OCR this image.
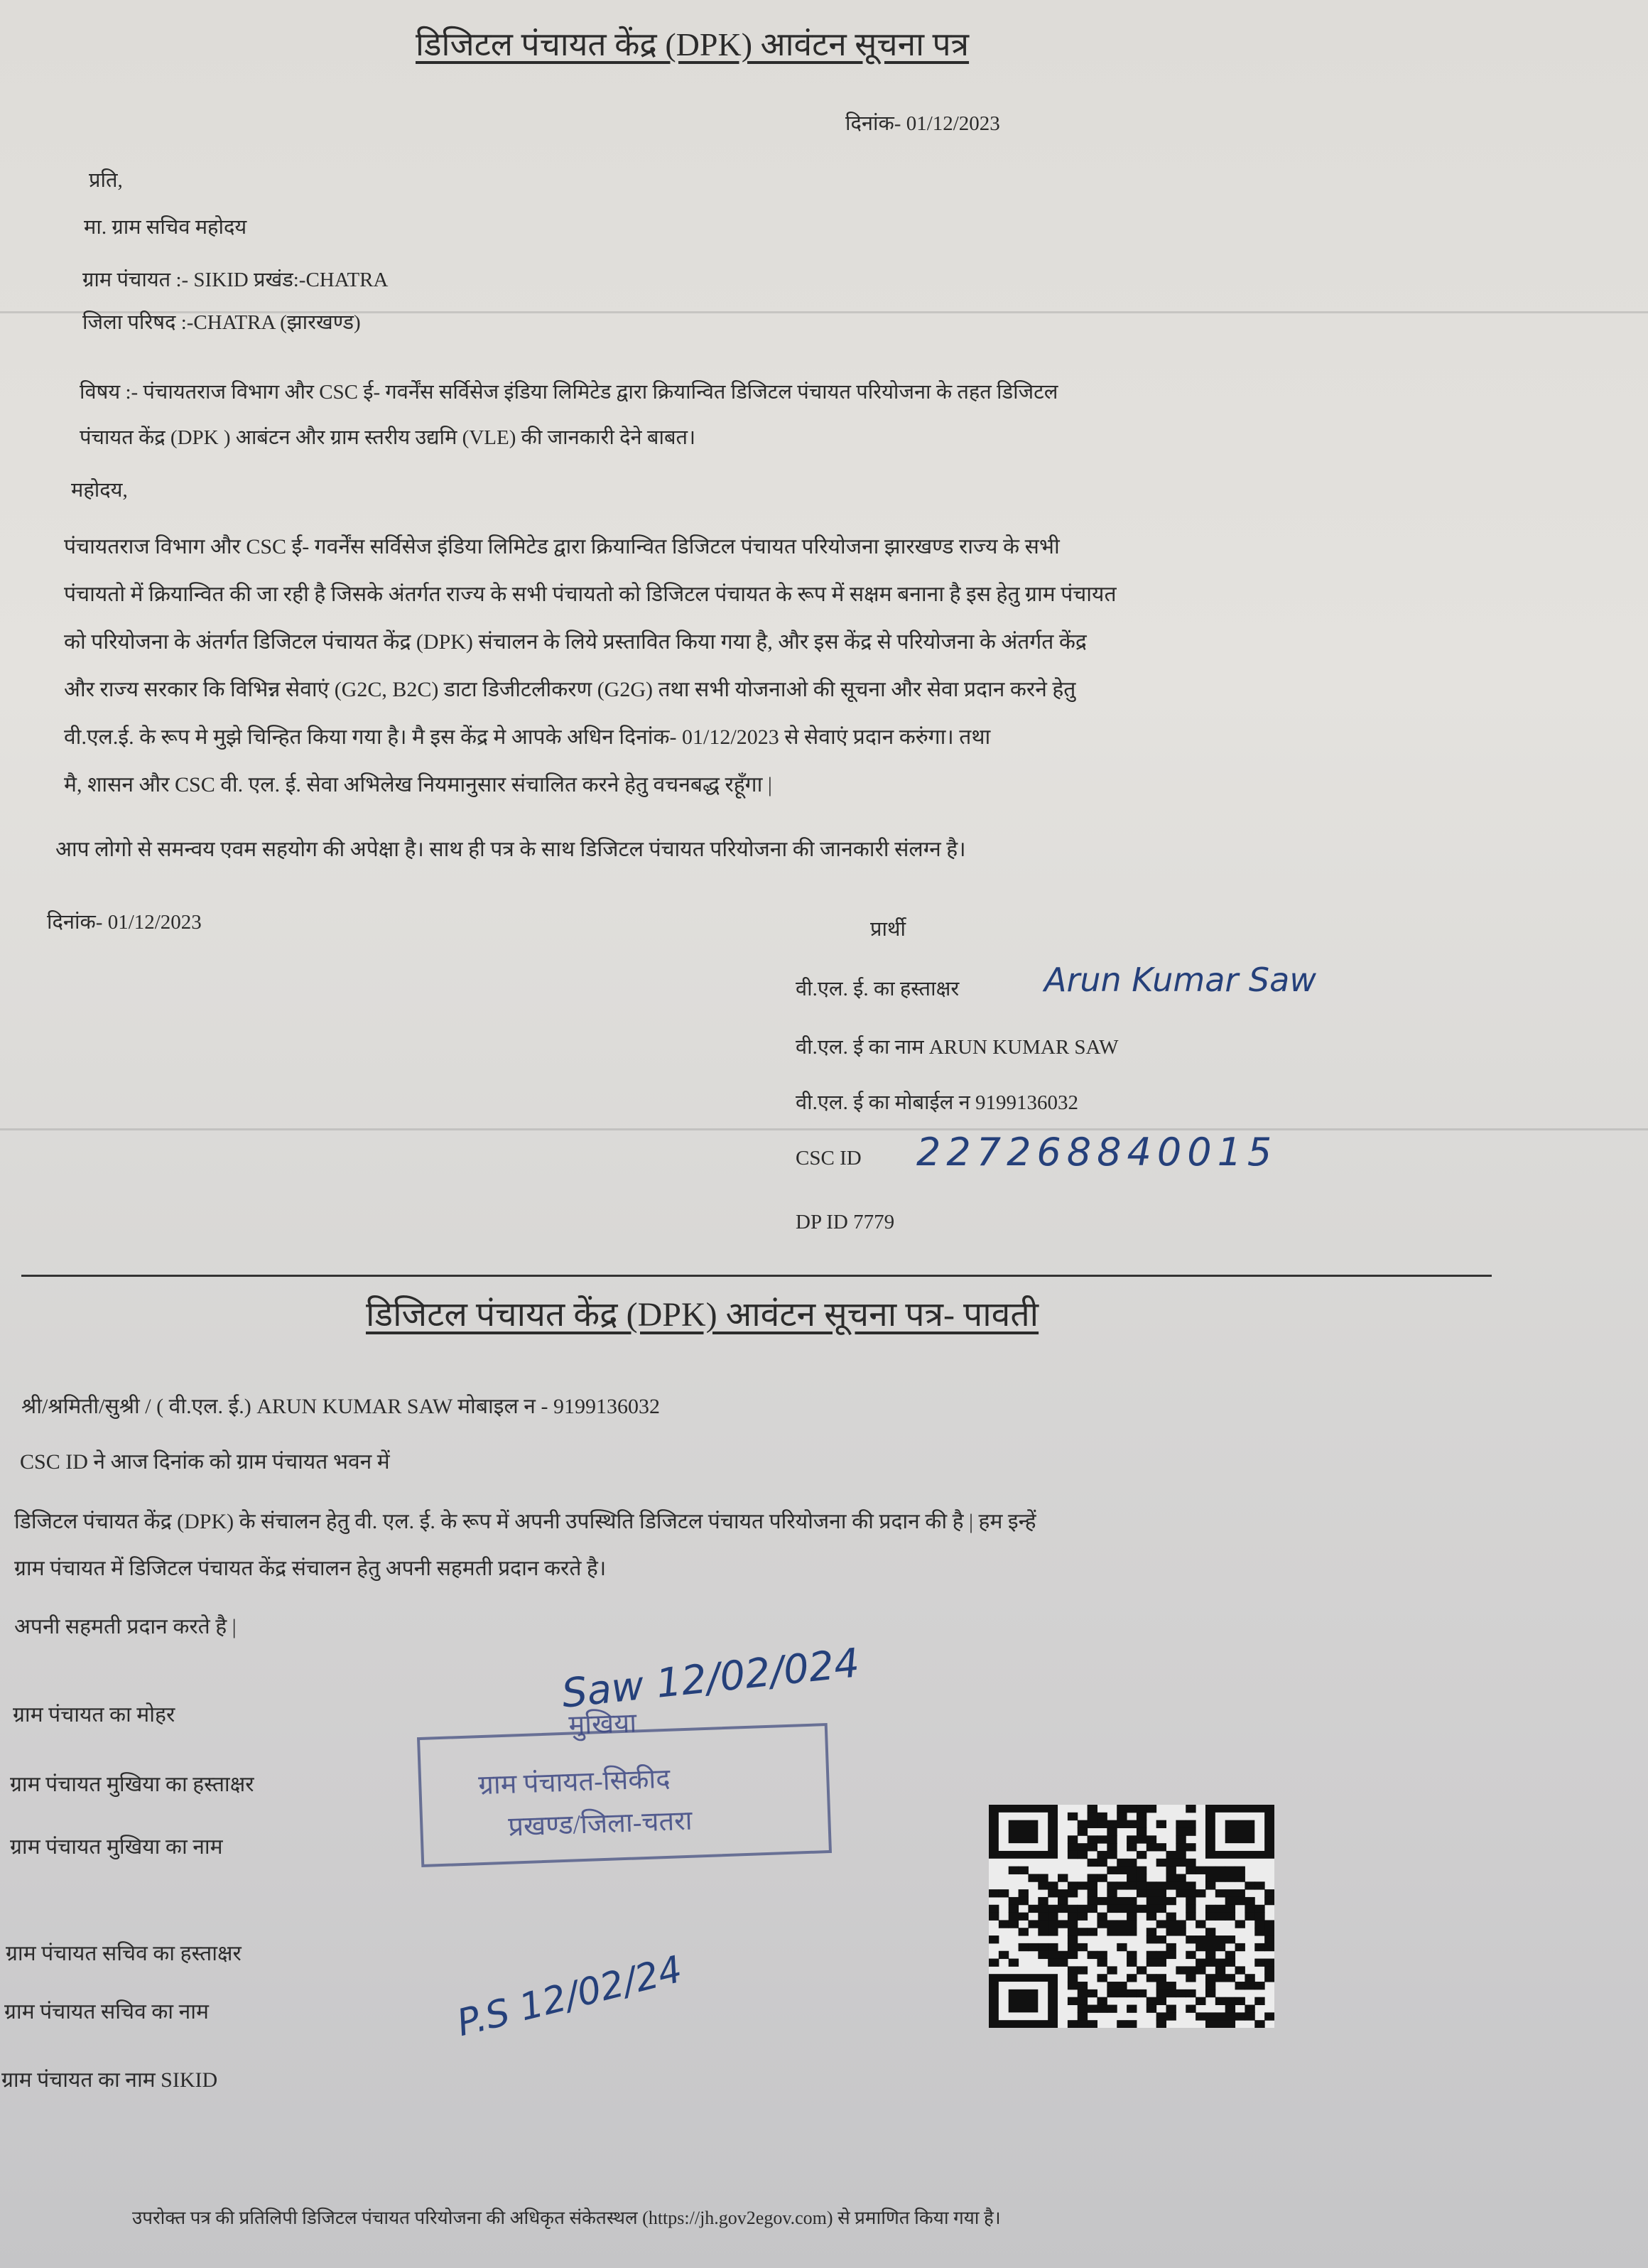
डिजिटल पंचायत केंद्र (DPK) आवंटन सूचना पत्र
दिनांक- 01/12/2023
प्रति,
मा. ग्राम सचिव महोदय
ग्राम पंचायत :- SIKID प्रखंड:-CHATRA
जिला परिषद :-CHATRA (झारखण्ड)
विषय :- पंचायतराज विभाग और CSC ई- गवर्नेंस सर्विसेज इंडिया लिमिटेड द्वारा क्रियान्वित डिजिटल पंचायत परियोजना के तहत डिजिटल
पंचायत केंद्र (DPK ) आबंटन और ग्राम स्तरीय उद्यमि (VLE) की जानकारी देने बाबत।
महोदय,
पंचायतराज विभाग और CSC ई- गवर्नेंस सर्विसेज इंडिया लिमिटेड द्वारा क्रियान्वित डिजिटल पंचायत परियोजना झारखण्ड राज्य के सभी
पंचायतो में क्रियान्वित की जा रही है जिसके अंतर्गत राज्य के सभी पंचायतो को डिजिटल पंचायत के रूप में सक्षम बनाना है इस हेतु ग्राम पंचायत
को परियोजना के अंतर्गत डिजिटल पंचायत केंद्र (DPK) संचालन के लिये प्रस्तावित किया गया है, और इस केंद्र से परियोजना के अंतर्गत केंद्र
और राज्य सरकार कि विभिन्न सेवाएं (G2C, B2C) डाटा डिजीटलीकरण (G2G) तथा सभी योजनाओ की सूचना और सेवा प्रदान करने हेतु
वी.एल.ई. के रूप मे मुझे चिन्हित किया गया है। मै इस केंद्र मे आपके अधिन दिनांक- 01/12/2023 से सेवाएं प्रदान करुंगा। तथा
मै, शासन और CSC वी. एल. ई. सेवा अभिलेख नियमानुसार संचालित करने हेतु वचनबद्ध रहूँगा |
आप लोगो से समन्वय एवम सहयोग की अपेक्षा है। साथ ही पत्र के साथ डिजिटल पंचायत परियोजना की जानकारी संलग्न है।
दिनांक- 01/12/2023	प्रार्थी
वी.एल. ई. का हस्ताक्षर	Arun Kumar Saw
वी.एल. ई का नाम ARUN KUMAR SAW
वी.एल. ई का मोबाईल न 9199136032
CSC ID 227268840015
DP ID 7779
डिजिटल पंचायत केंद्र (DPK) आवंटन सूचना पत्र- पावती
श्री/श्रमिती/सुश्री / ( वी.एल. ई.) ARUN KUMAR SAW मोबाइल न - 9199136032
CSC ID ने आज दिनांक को ग्राम पंचायत भवन में
डिजिटल पंचायत केंद्र (DPK) के संचालन हेतु वी. एल. ई. के रूप में अपनी उपस्थिति डिजिटल पंचायत परियोजना की प्रदान की है | हम इन्हें
ग्राम पंचायत में डिजिटल पंचायत केंद्र संचालन हेतु अपनी सहमती प्रदान करते है।
अपनी सहमती प्रदान करते है |
ग्राम पंचायत का मोहर
ग्राम पंचायत मुखिया का हस्ताक्षर
ग्राम पंचायत मुखिया का नाम
ग्राम पंचायत सचिव का हस्ताक्षर
ग्राम पंचायत सचिव का नाम
ग्राम पंचायत का नाम SIKID
मुखिया
ग्राम पंचायत-सिकीद
प्रखण्ड/जिला-चतरा
Saw 12/02/024
P.S 12/02/24
उपरोक्त पत्र की प्रतिलिपी डिजिटल पंचायत परियोजना की अधिकृत संकेतस्थल (https://jh.gov2egov.com) से प्रमाणित किया गया है।
